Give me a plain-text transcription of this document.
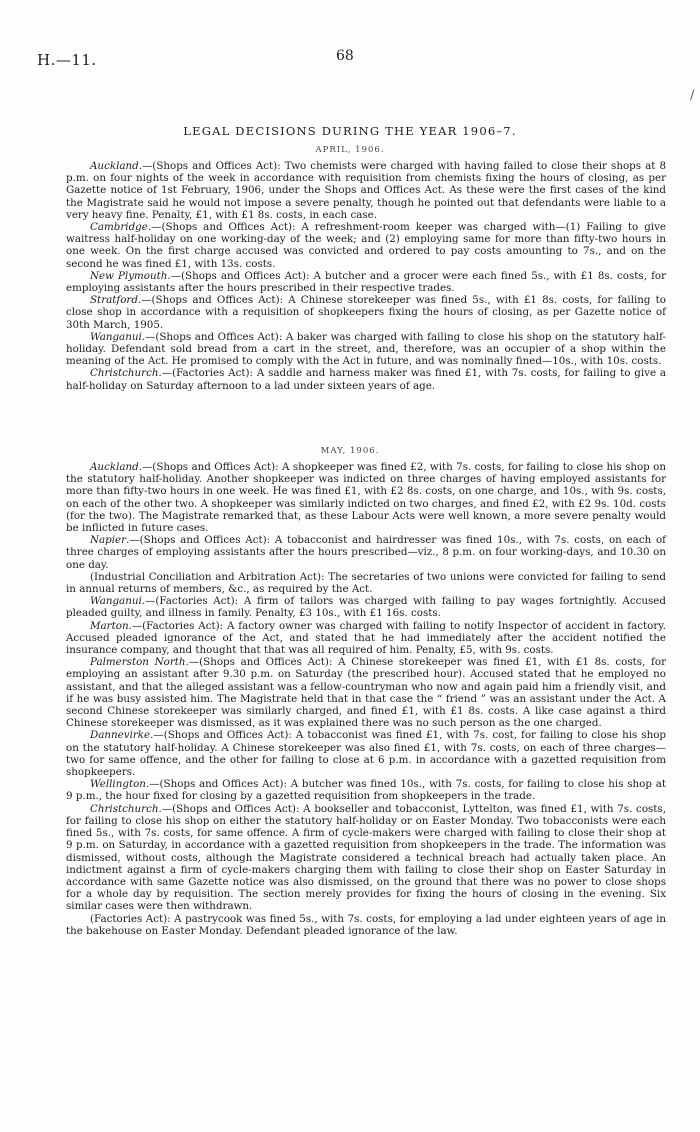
H.—11.	68
/
LEGAL DECISIONS DURING THE YEAR 1906–7.
APRIL, 1906.

Auckland.—(Shops and Offices Act): Two chemists were charged with having failed to close their shops at 8 p.m. on four nights of the week in accordance with requisition from chemists fixing the hours of closing, as per Gazette notice of 1st February, 1906, under the Shops and Offices Act. As these were the first cases of the kind the Magistrate said he would not impose a severe penalty, though he pointed out that defendants were liable to a very heavy fine. Penalty, £1, with £1 8s. costs, in each case.

Cambridge.—(Shops and Offices Act): A refreshment-room keeper was charged with—(1) Failing to give waitress half-holiday on one working-day of the week; and (2) employing same for more than fifty-two hours in one week. On the first charge accused was convicted and ordered to pay costs amounting to 7s., and on the second he was fined £1, with 13s. costs.

New Plymouth.—(Shops and Offices Act): A butcher and a grocer were each fined 5s., with £1 8s. costs, for employing assistants after the hours prescribed in their respective trades.

Stratford.—(Shops and Offices Act): A Chinese storekeeper was fined 5s., with £1 8s. costs, for failing to close shop in accordance with a requisition of shopkeepers fixing the hours of closing, as per Gazette notice of 30th March, 1905.

Wanganui.—(Shops and Offices Act): A baker was charged with failing to close his shop on the statutory half-holiday. Defendant sold bread from a cart in the street, and, therefore, was an occupier of a shop within the meaning of the Act. He promised to comply with the Act in future, and was nominally fined—10s., with 10s. costs.

Christchurch.—(Factories Act): A saddle and harness maker was fined £1, with 7s. costs, for failing to give a half-holiday on Saturday afternoon to a lad under sixteen years of age.

MAY, 1906.

Auckland.—(Shops and Offices Act): A shopkeeper was fined £2, with 7s. costs, for failing to close his shop on the statutory half-holiday. Another shopkeeper was indicted on three charges of having employed assistants for more than fifty-two hours in one week. He was fined £1, with £2 8s. costs, on one charge, and 10s., with 9s. costs, on each of the other two. A shopkeeper was similarly indicted on two charges, and fined £2, with £2 9s. 10d. costs (for the two). The Magistrate remarked that, as these Labour Acts were well known, a more severe penalty would be inflicted in future cases.

Napier.—(Shops and Offices Act): A tobacconist and hairdresser was fined 10s., with 7s. costs, on each of three charges of employing assistants after the hours prescribed—viz., 8 p.m. on four working-days, and 10.30 on one day.

(Industrial Conciliation and Arbitration Act): The secretaries of two unions were convicted for failing to send in annual returns of members, &c., as required by the Act.

Wanganui.—(Factories Act): A firm of tailors was charged with failing to pay wages fortnightly. Accused pleaded guilty, and illness in family. Penalty, £3 10s., with £1 16s. costs.

Marton.—(Factories Act): A factory owner was charged with failing to notify Inspector of accident in factory. Accused pleaded ignorance of the Act, and stated that he had immediately after the accident notified the insurance company, and thought that that was all required of him. Penalty, £5, with 9s. costs.

Palmerston North.—(Shops and Offices Act): A Chinese storekeeper was fined £1, with £1 8s. costs, for employing an assistant after 9.30 p.m. on Saturday (the prescribed hour). Accused stated that he employed no assistant, and that the alleged assistant was a fellow-countryman who now and again paid him a friendly visit, and if he was busy assisted him. The Magistrate held that in that case the “ friend ” was an assistant under the Act. A second Chinese storekeeper was similarly charged, and fined £1, with £1 8s. costs. A like case against a third Chinese storekeeper was dismissed, as it was explained there was no such person as the one charged.

Dannevirke.—(Shops and Offices Act): A tobacconist was fined £1, with 7s. cost, for failing to close his shop on the statutory half-holiday. A Chinese storekeeper was also fined £1, with 7s. costs, on each of three charges—two for same offence, and the other for failing to close at 6 p.m. in accordance with a gazetted requisition from shopkeepers.

Wellington.—(Shops and Offices Act): A butcher was fined 10s., with 7s. costs, for failing to close his shop at 9 p.m., the hour fixed for closing by a gazetted requisition from shopkeepers in the trade.

Christchurch.—(Shops and Offices Act): A bookseller and tobacconist, Lyttelton, was fined £1, with 7s. costs, for failing to close his shop on either the statutory half-holiday or on Easter Monday. Two tobacconists were each fined 5s., with 7s. costs, for same offence. A firm of cycle-makers were charged with failing to close their shop at 9 p.m. on Saturday, in accordance with a gazetted requisition from shopkeepers in the trade. The information was dismissed, without costs, although the Magistrate considered a technical breach had actually taken place. An indictment against a firm of cycle-makers charging them with failing to close their shop on Easter Saturday in accordance with same Gazette notice was also dismissed, on the ground that there was no power to close shops for a whole day by requisition. The section merely provides for fixing the hours of closing in the evening. Six similar cases were then withdrawn.

(Factories Act): A pastrycook was fined 5s., with 7s. costs, for employing a lad under eighteen years of age in the bakehouse on Easter Monday. Defendant pleaded ignorance of the law.
